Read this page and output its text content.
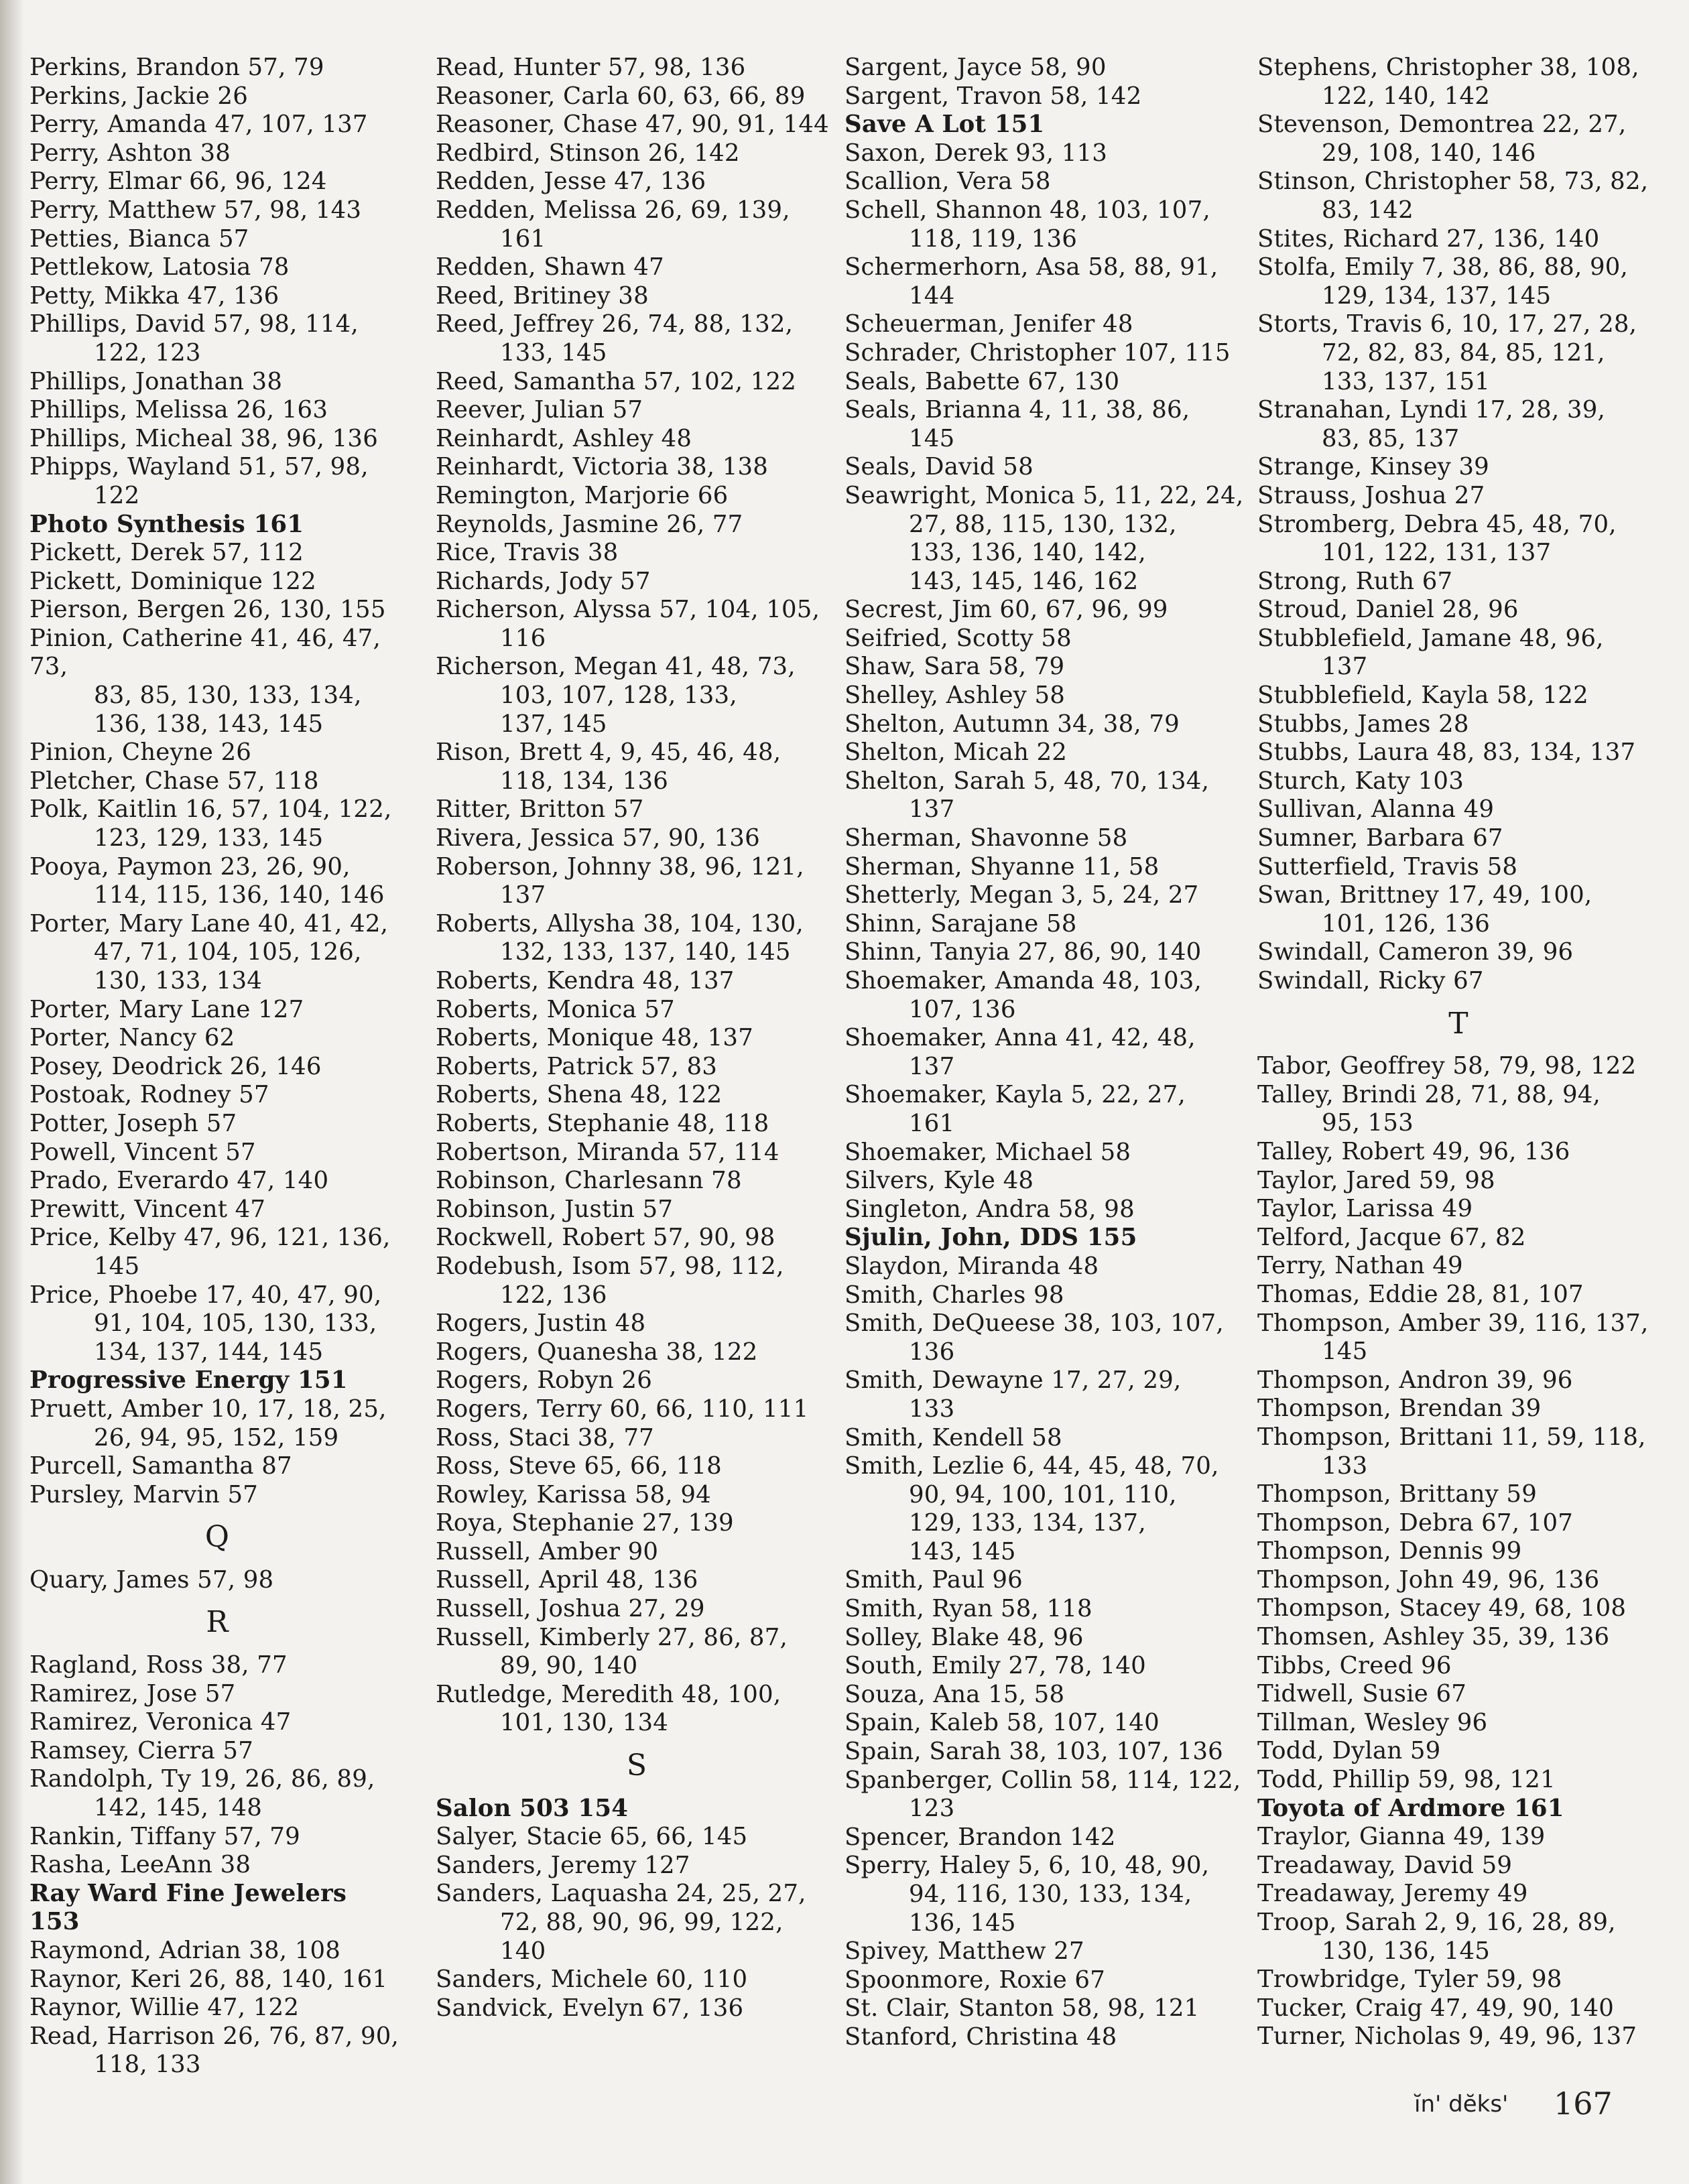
Perkins, Brandon 57, 79
Perkins, Jackie 26
Perry, Amanda 47, 107, 137
Perry, Ashton 38
Perry, Elmar 66, 96, 124
Perry, Matthew 57, 98, 143
Petties, Bianca 57
Pettlekow, Latosia 78
Petty, Mikka 47, 136
Phillips, David 57, 98, 114,
122, 123
Phillips, Jonathan 38
Phillips, Melissa 26, 163
Phillips, Micheal 38, 96, 136
Phipps, Wayland 51, 57, 98,
122
Photo Synthesis 161
Pickett, Derek 57, 112
Pickett, Dominique 122
Pierson, Bergen 26, 130, 155
Pinion, Catherine 41, 46, 47, 73,
83, 85, 130, 133, 134,
136, 138, 143, 145
Pinion, Cheyne 26
Pletcher, Chase 57, 118
Polk, Kaitlin 16, 57, 104, 122,
123, 129, 133, 145
Pooya, Paymon 23, 26, 90,
114, 115, 136, 140, 146
Porter, Mary Lane 40, 41, 42,
47, 71, 104, 105, 126,
130, 133, 134
Porter, Mary Lane 127
Porter, Nancy 62
Posey, Deodrick 26, 146
Postoak, Rodney 57
Potter, Joseph 57
Powell, Vincent 57
Prado, Everardo 47, 140
Prewitt, Vincent 47
Price, Kelby 47, 96, 121, 136,
145
Price, Phoebe 17, 40, 47, 90,
91, 104, 105, 130, 133,
134, 137, 144, 145
Progressive Energy 151
Pruett, Amber 10, 17, 18, 25,
26, 94, 95, 152, 159
Purcell, Samantha 87
Pursley, Marvin 57
Q
Quary, James 57, 98
R
Ragland, Ross 38, 77
Ramirez, Jose 57
Ramirez, Veronica 47
Ramsey, Cierra 57
Randolph, Ty 19, 26, 86, 89,
142, 145, 148
Rankin, Tiffany 57, 79
Rasha, LeeAnn 38
Ray Ward Fine Jewelers 153
Raymond, Adrian 38, 108
Raynor, Keri 26, 88, 140, 161
Raynor, Willie 47, 122
Read, Harrison 26, 76, 87, 90,
118, 133
Read, Hunter 57, 98, 136
Reasoner, Carla 60, 63, 66, 89
Reasoner, Chase 47, 90, 91, 144
Redbird, Stinson 26, 142
Redden, Jesse 47, 136
Redden, Melissa 26, 69, 139,
161
Redden, Shawn 47
Reed, Britiney 38
Reed, Jeffrey 26, 74, 88, 132,
133, 145
Reed, Samantha 57, 102, 122
Reever, Julian 57
Reinhardt, Ashley 48
Reinhardt, Victoria 38, 138
Remington, Marjorie 66
Reynolds, Jasmine 26, 77
Rice, Travis 38
Richards, Jody 57
Richerson, Alyssa 57, 104, 105,
116
Richerson, Megan 41, 48, 73,
103, 107, 128, 133,
137, 145
Rison, Brett 4, 9, 45, 46, 48,
118, 134, 136
Ritter, Britton 57
Rivera, Jessica 57, 90, 136
Roberson, Johnny 38, 96, 121,
137
Roberts, Allysha 38, 104, 130,
132, 133, 137, 140, 145
Roberts, Kendra 48, 137
Roberts, Monica 57
Roberts, Monique 48, 137
Roberts, Patrick 57, 83
Roberts, Shena 48, 122
Roberts, Stephanie 48, 118
Robertson, Miranda 57, 114
Robinson, Charlesann 78
Robinson, Justin 57
Rockwell, Robert 57, 90, 98
Rodebush, Isom 57, 98, 112,
122, 136
Rogers, Justin 48
Rogers, Quanesha 38, 122
Rogers, Robyn 26
Rogers, Terry 60, 66, 110, 111
Ross, Staci 38, 77
Ross, Steve 65, 66, 118
Rowley, Karissa 58, 94
Roya, Stephanie 27, 139
Russell, Amber 90
Russell, April 48, 136
Russell, Joshua 27, 29
Russell, Kimberly 27, 86, 87,
89, 90, 140
Rutledge, Meredith 48, 100,
101, 130, 134
S
Salon 503 154
Salyer, Stacie 65, 66, 145
Sanders, Jeremy 127
Sanders, Laquasha 24, 25, 27,
72, 88, 90, 96, 99, 122,
140
Sanders, Michele 60, 110
Sandvick, Evelyn 67, 136
Sargent, Jayce 58, 90
Sargent, Travon 58, 142
Save A Lot 151
Saxon, Derek 93, 113
Scallion, Vera 58
Schell, Shannon 48, 103, 107,
118, 119, 136
Schermerhorn, Asa 58, 88, 91,
144
Scheuerman, Jenifer 48
Schrader, Christopher 107, 115
Seals, Babette 67, 130
Seals, Brianna 4, 11, 38, 86,
145
Seals, David 58
Seawright, Monica 5, 11, 22, 24,
27, 88, 115, 130, 132,
133, 136, 140, 142,
143, 145, 146, 162
Secrest, Jim 60, 67, 96, 99
Seifried, Scotty 58
Shaw, Sara 58, 79
Shelley, Ashley 58
Shelton, Autumn 34, 38, 79
Shelton, Micah 22
Shelton, Sarah 5, 48, 70, 134,
137
Sherman, Shavonne 58
Sherman, Shyanne 11, 58
Shetterly, Megan 3, 5, 24, 27
Shinn, Sarajane 58
Shinn, Tanyia 27, 86, 90, 140
Shoemaker, Amanda 48, 103,
107, 136
Shoemaker, Anna 41, 42, 48,
137
Shoemaker, Kayla 5, 22, 27,
161
Shoemaker, Michael 58
Silvers, Kyle 48
Singleton, Andra 58, 98
Sjulin, John, DDS 155
Slaydon, Miranda 48
Smith, Charles 98
Smith, DeQueese 38, 103, 107,
136
Smith, Dewayne 17, 27, 29,
133
Smith, Kendell 58
Smith, Lezlie 6, 44, 45, 48, 70,
90, 94, 100, 101, 110,
129, 133, 134, 137,
143, 145
Smith, Paul 96
Smith, Ryan 58, 118
Solley, Blake 48, 96
South, Emily 27, 78, 140
Souza, Ana 15, 58
Spain, Kaleb 58, 107, 140
Spain, Sarah 38, 103, 107, 136
Spanberger, Collin 58, 114, 122,
123
Spencer, Brandon 142
Sperry, Haley 5, 6, 10, 48, 90,
94, 116, 130, 133, 134,
136, 145
Spivey, Matthew 27
Spoonmore, Roxie 67
St. Clair, Stanton 58, 98, 121
Stanford, Christina 48
Stephens, Christopher 38, 108,
122, 140, 142
Stevenson, Demontrea 22, 27,
29, 108, 140, 146
Stinson, Christopher 58, 73, 82,
83, 142
Stites, Richard 27, 136, 140
Stolfa, Emily 7, 38, 86, 88, 90,
129, 134, 137, 145
Storts, Travis 6, 10, 17, 27, 28,
72, 82, 83, 84, 85, 121,
133, 137, 151
Stranahan, Lyndi 17, 28, 39,
83, 85, 137
Strange, Kinsey 39
Strauss, Joshua 27
Stromberg, Debra 45, 48, 70,
101, 122, 131, 137
Strong, Ruth 67
Stroud, Daniel 28, 96
Stubblefield, Jamane 48, 96,
137
Stubblefield, Kayla 58, 122
Stubbs, James 28
Stubbs, Laura 48, 83, 134, 137
Sturch, Katy 103
Sullivan, Alanna 49
Sumner, Barbara 67
Sutterfield, Travis 58
Swan, Brittney 17, 49, 100,
101, 126, 136
Swindall, Cameron 39, 96
Swindall, Ricky 67
T
Tabor, Geoffrey 58, 79, 98, 122
Talley, Brindi 28, 71, 88, 94,
95, 153
Talley, Robert 49, 96, 136
Taylor, Jared 59, 98
Taylor, Larissa 49
Telford, Jacque 67, 82
Terry, Nathan 49
Thomas, Eddie 28, 81, 107
Thompson, Amber 39, 116, 137,
145
Thompson, Andron 39, 96
Thompson, Brendan 39
Thompson, Brittani 11, 59, 118,
133
Thompson, Brittany 59
Thompson, Debra 67, 107
Thompson, Dennis 99
Thompson, John 49, 96, 136
Thompson, Stacey 49, 68, 108
Thomsen, Ashley 35, 39, 136
Tibbs, Creed 96
Tidwell, Susie 67
Tillman, Wesley 96
Todd, Dylan 59
Todd, Phillip 59, 98, 121
Toyota of Ardmore 161
Traylor, Gianna 49, 139
Treadaway, David 59
Treadaway, Jeremy 49
Troop, Sarah 2, 9, 16, 28, 89,
130, 136, 145
Trowbridge, Tyler 59, 98
Tucker, Craig 47, 49, 90, 140
Turner, Nicholas 9, 49, 96, 137
ĭn' dĕks' 167
